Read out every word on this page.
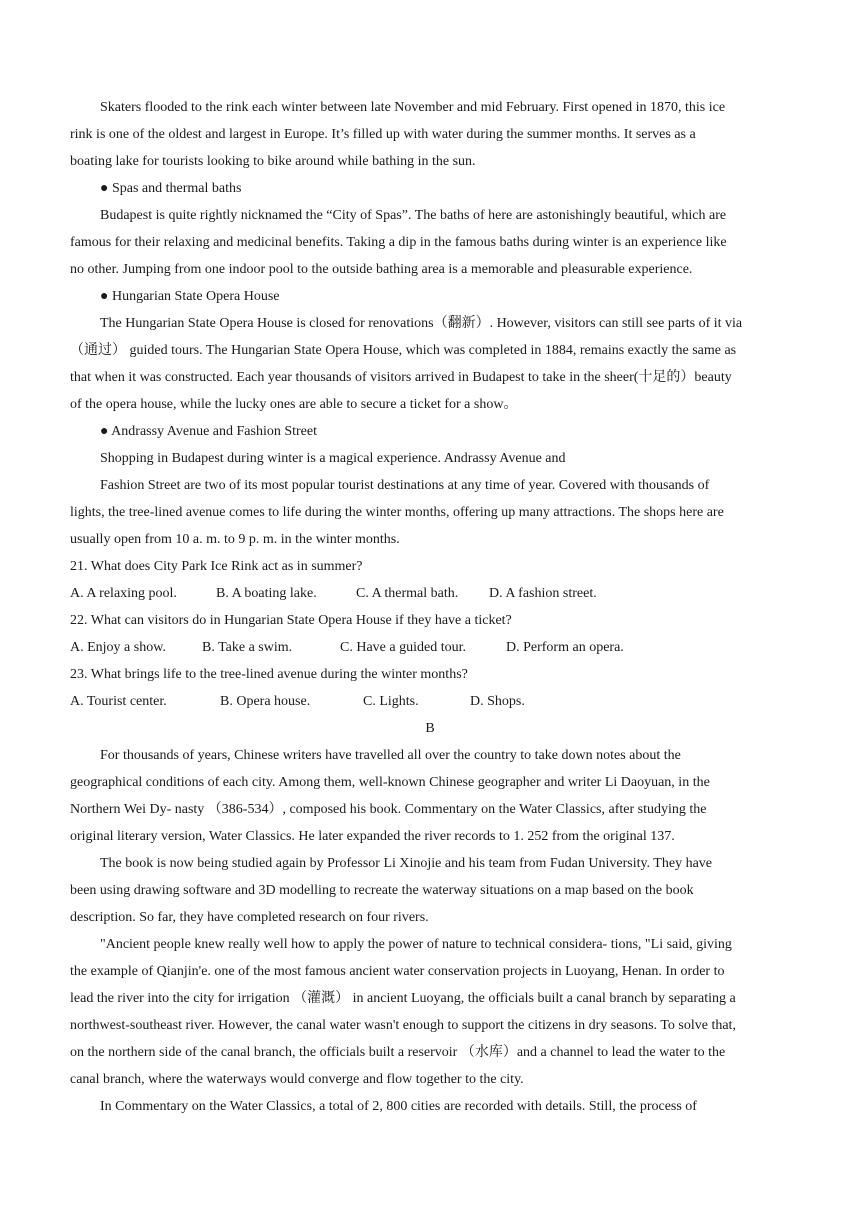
Skaters flooded to the rink each winter between late November and mid February. First opened in 1870, this ice
rink is one of the oldest and largest in Europe. It’s filled up with water during the summer months. It serves as a
boating lake for tourists looking to bike around while bathing in the sun.
● Spas and thermal baths
Budapest is quite rightly nicknamed the “City of Spas”. The baths of here are astonishingly beautiful, which are
famous for their relaxing and medicinal benefits. Taking a dip in the famous baths during winter is an experience like
no other. Jumping from one indoor pool to the outside bathing area is a memorable and pleasurable experience.
● Hungarian State Opera House
The Hungarian State Opera House is closed for renovations（翻新）. However, visitors can still see parts of it via
（通过） guided tours. The Hungarian State Opera House, which was completed in 1884, remains exactly the same as
that when it was constructed. Each year thousands of visitors arrived in Budapest to take in the sheer(十足的）beauty
of the opera house, while the lucky ones are able to secure a ticket for a show。
● Andrassy Avenue and Fashion Street
Shopping in Budapest during winter is a magical experience. Andrassy Avenue and
Fashion Street are two of its most popular tourist destinations at any time of year. Covered with thousands of
lights, the tree-lined avenue comes to life during the winter months, offering up many attractions. The shops here are
usually open from 10 a. m. to 9 p. m. in the winter months.
21. What does City Park Ice Rink act as in summer?
A. A relaxing pool.	B. A boating lake.	C. A thermal bath. D. A fashion street.
22. What can visitors do in Hungarian State Opera House if they have a ticket?
A. Enjoy a show.	B. Take a swim.	C. Have a guided tour.	D. Perform an opera.
23. What brings life to the tree-lined avenue during the winter months?
A. Tourist center.	B. Opera house.	C. Lights.	D. Shops.
B
For thousands of years, Chinese writers have travelled all over the country to take down notes about the
geographical conditions of each city. Among them, well-known Chinese geographer and writer Li Daoyuan, in the
Northern Wei Dy- nasty （386-534）, composed his book. Commentary on the Water Classics, after studying the
original literary version, Water Classics. He later expanded the river records to 1. 252 from the original 137.
The book is now being studied again by Professor Li Xinojie and his team from Fudan University. They have
been using drawing software and 3D modelling to recreate the waterway situations on a map based on the book
description. So far, they have completed research on four rivers.
"Ancient people knew really well how to apply the power of nature to technical considera- tions, "Li said, giving
the example of Qianjin'e. one of the most famous ancient water conservation projects in Luoyang, Henan. In order to
lead the river into the city for irrigation （灌溉） in ancient Luoyang, the officials built a canal branch by separating a
northwest-southeast river. However, the canal water wasn't enough to support the citizens in dry seasons. To solve that,
on the northern side of the canal branch, the officials built a reservoir （水库）and a channel to lead the water to the
canal branch, where the waterways would converge and flow together to the city.
In Commentary on the Water Classics, a total of 2, 800 cities are recorded with details. Still, the process of
